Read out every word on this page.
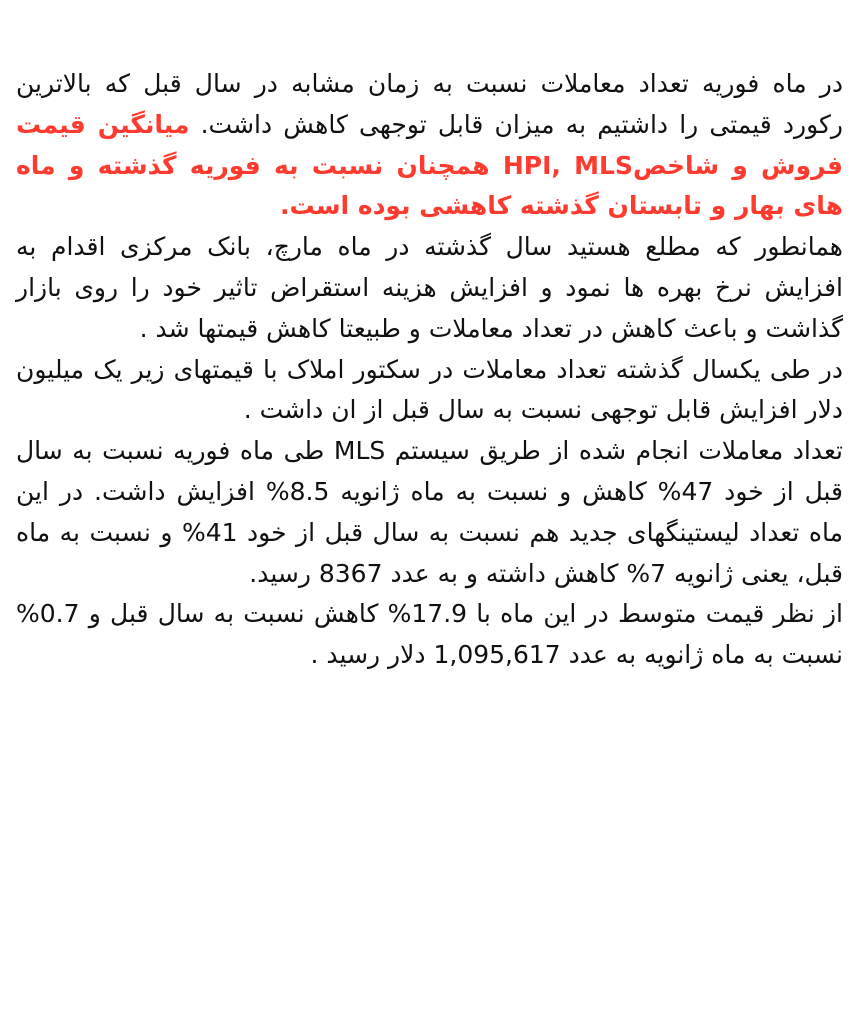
در ماه فوریه تعداد معاملات نسبت به زمان مشابه در سال قبل که بالاترین رکورد قیمتی را داشتیم به میزان قابل توجهی کاهش داشت. میانگین قیمت فروش و شاخصHPI, MLS همچنان نسبت به فوریه گذشته و ماه های بهار و تابستان گذشته کاهشی بوده است.

همانطور که مطلع هستید سال گذشته در ماه مارچ، بانک مرکزی اقدام به افزایش نرخ بهره ها نمود و افزایش هزینه استقراض تاثیر خود را روی بازار گذاشت و باعث کاهش در تعداد معاملات و طبیعتا کاهش قیمتها شد .

در طی یکسال گذشته تعداد معاملات در سکتور املاک با قیمتهای زیر یک میلیون دلار افزایش قابل توجهی نسبت به سال قبل از ان داشت .

تعداد معاملات انجام شده از طریق سیستم MLS طی ماه فوریه نسبت به سال قبل از خود 47% کاهش و نسبت به ماه ژانویه 8.5% افزایش داشت. در این ماه تعداد لیستینگهای جدید هم نسبت به سال قبل از خود 41% و نسبت به ماه قبل، یعنی ژانویه 7% کاهش داشته و به عدد 8367 رسید.

از نظر قیمت متوسط در این ماه با 17.9% کاهش نسبت به سال قبل و 0.7% نسبت به ماه ژانویه به عدد 1,095,617 دلار رسید .
